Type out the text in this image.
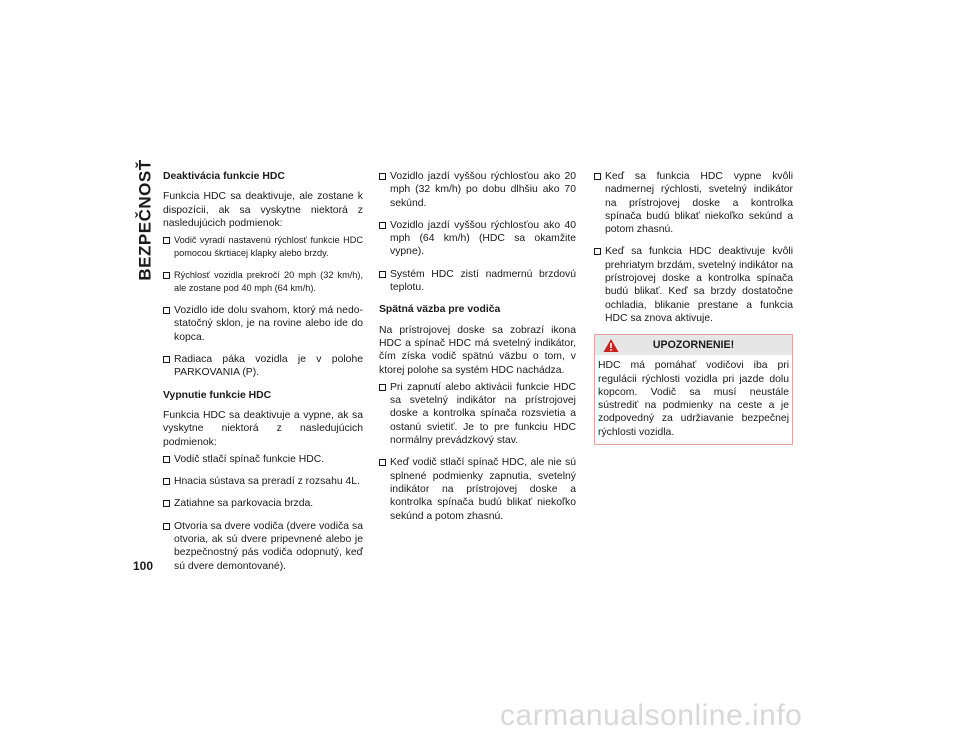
BEZPEČNOSŤ Deaktivácia funkcie HDC
Funkcia HDC sa deaktivuje, ale zostane k dispozícii, ak sa vyskytne niektorá z nasledujúcich podmienok:
Vodič vyradí nastavenú rýchlosť funkcie HDC pomocou škrtiacej klapky alebo brzdy.
Rýchlosť vozidla prekročí 20 mph (32 km/h), ale zostane pod 40 mph (64 km/h).
Vozidlo ide dolu svahom, ktorý má nedostatočný sklon, je na rovine alebo ide do kopca.
Radiaca páka vozidla je v polohe PARKOVANIA (P).
Vypnutie funkcie HDC
Funkcia HDC sa deaktivuje a vypne, ak sa vyskytne niektorá z nasledujúcich podmienok:
Vodič stlačí spínač funkcie HDC.
Hnacia sústava sa preradí z rozsahu 4L.
Zatiahne sa parkovacia brzda.
Otvoria sa dvere vodiča (dvere vodiča sa otvoria, ak sú dvere pripevnené alebo je bezpečnostný pás vodiča odopnutý, keď sú dvere demontované).
Vozidlo jazdí vyššou rýchlosťou ako 20 mph (32 km/h) po dobu dlhšiu ako 70 sekúnd.
Vozidlo jazdí vyššou rýchlosťou ako 40 mph (64 km/h) (HDC sa okamžite vypne).
Systém HDC zistí nadmernú brzdovú teplotu.
Spätná väzba pre vodiča
Na prístrojovej doske sa zobrazí ikona HDC a spínač HDC má svetelný indikátor, čím získa vodič spätnú väzbu o tom, v ktorej polohe sa systém HDC nachádza.
Pri zapnutí alebo aktivácii funkcie HDC sa svetelný indikátor na prístrojovej doske a kontrolka spínača rozsvietia a ostanú svietiť. Je to pre funkciu HDC normálny prevádzkový stav.
Keď vodič stlačí spínač HDC, ale nie sú splnené podmienky zapnutia, svetelný indikátor na prístrojovej doske a kontrolka spínača budú blikať niekoľko sekúnd a potom zhasnú.
Keď sa funkcia HDC vypne kvôli nadmernej rýchlosti, svetelný indikátor na prístrojovej doske a kontrolka spínača budú blikať niekoľko sekúnd a potom zhasnú.
Keď sa funkcia HDC deaktivuje kvôli prehriatym brzdám, svetelný indikátor na prístrojovej doske a kontrolka spínača budú blikať. Keď sa brzdy dostatočne ochladia, blikanie prestane a funkcia HDC sa znova aktivuje.
UPOZORNENIE!
HDC má pomáhať vodičovi iba pri regulácii rýchlosti vozidla pri jazde dolu kopcom. Vodič sa musí neustále sústrediť na podmienky na ceste a je zodpovedný za udržiavanie bezpečnej rýchlosti vozidla.
100
carmanualsonline.info
